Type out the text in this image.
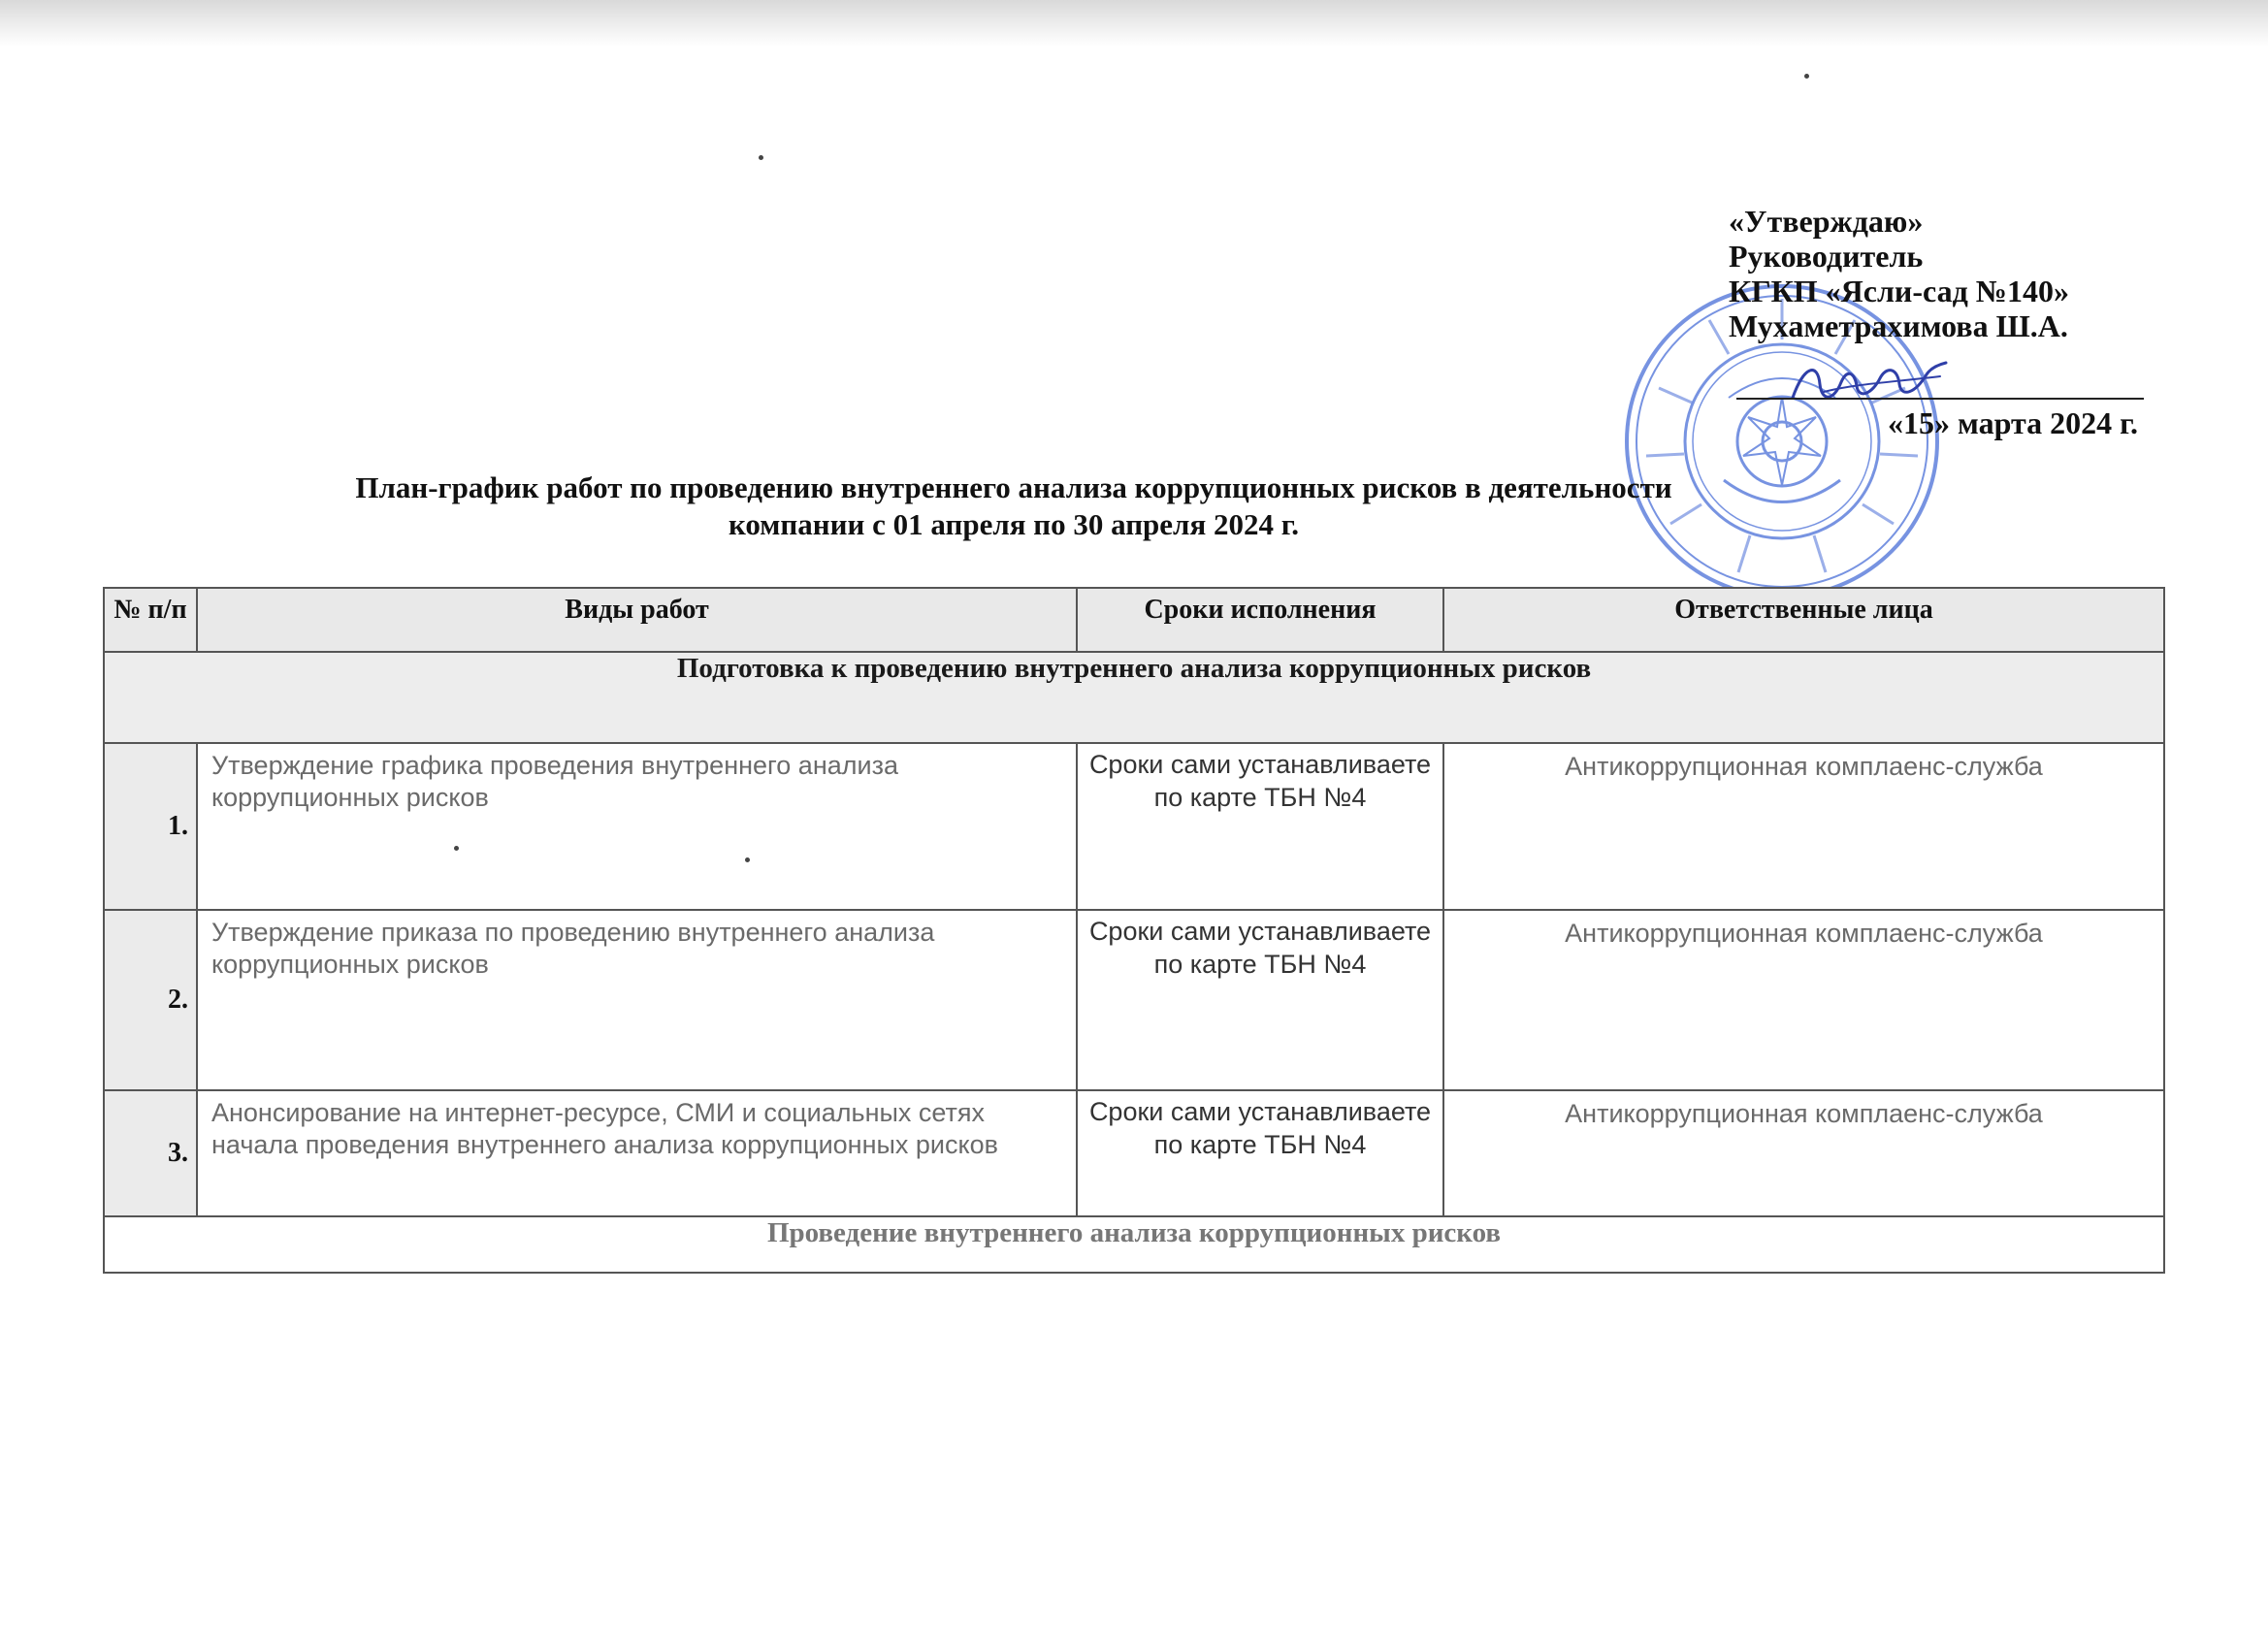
«Утверждаю»
Руководитель
КГКП «Ясли-сад №140»
Мухаметрахимова Ш.А.
«15» марта 2024 г.
План-график работ по проведению внутреннего анализа коррупционных рисков в деятельности
компании с 01 апреля по 30 апреля 2024 г.
№ п/п	Виды работ	Сроки исполнения	Ответственные лица
Подготовка к проведению внутреннего анализа коррупционных рисков			
1.	Утверждение графика проведения внутреннего анализа коррупционных рисков	Сроки сами устанавливаете по карте ТБН №4	Антикоррупционная комплаенс-служба
2.	Утверждение приказа по проведению внутреннего анализа коррупционных рисков	Сроки сами устанавливаете по карте ТБН №4	Антикоррупционная комплаенс-служба
3.	Анонсирование на интернет-ресурсе, СМИ и социальных сетях начала проведения внутреннего анализа коррупционных рисков	Сроки сами устанавливаете по карте ТБН №4	Антикоррупционная комплаенс-служба
Проведение внутреннего анализа коррупционных рисков			
